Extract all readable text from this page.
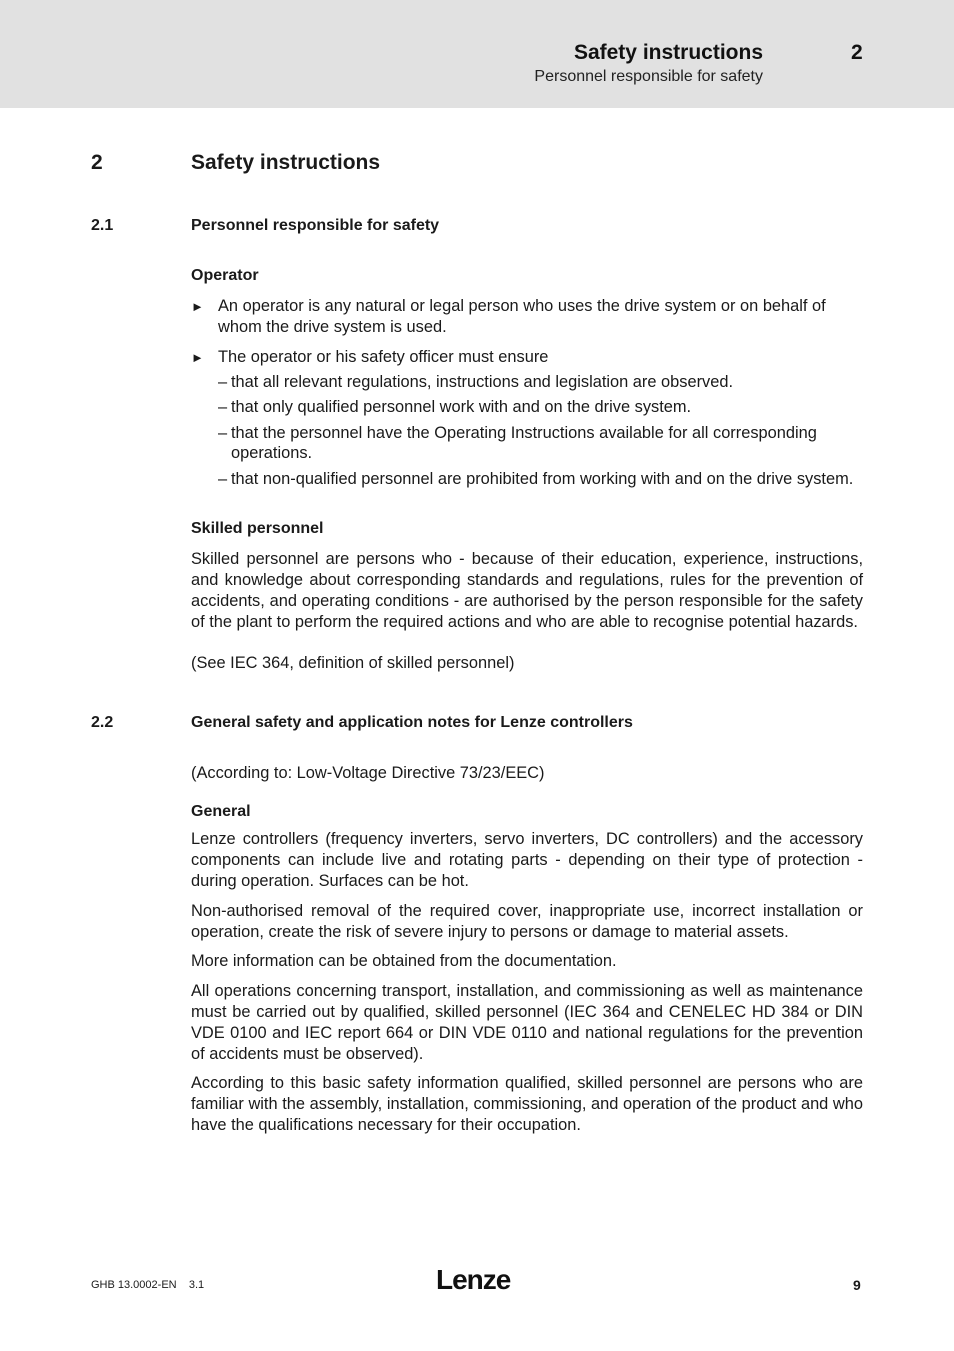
Safety instructions	2
Personnel responsible for safety
2	Safety instructions
2.1	Personnel responsible for safety
Operator
► An operator is any natural or legal person who uses the drive system or on behalf of whom the drive system is used.
► The operator or his safety officer must ensure
– that all relevant regulations, instructions and legislation are observed.
– that only qualified personnel work with and on the drive system.
– that the personnel have the Operating Instructions available for all corresponding operations.
– that non-qualified personnel are prohibited from working with and on the drive system.
Skilled personnel
Skilled personnel are persons who - because of their education, experience, instructions, and knowledge about corresponding standards and regulations, rules for the prevention of accidents, and operating conditions - are authorised by the person responsible for the safety of the plant to perform the required actions and who are able to recognise potential hazards.
(See IEC 364, definition of skilled personnel)
2.2	General safety and application notes for Lenze controllers
(According to: Low-Voltage Directive 73/23/EEC)
General
Lenze controllers (frequency inverters, servo inverters, DC controllers) and the accessory components can include live and rotating parts - depending on their type of protection - during operation. Surfaces can be hot.
Non-authorised removal of the required cover, inappropriate use, incorrect installation or operation, create the risk of severe injury to persons or damage to material assets.
More information can be obtained from the documentation.
All operations concerning transport, installation, and commissioning as well as maintenance must be carried out by qualified, skilled personnel (IEC 364 and CENELEC HD 384 or DIN VDE 0100 and IEC report 664 or DIN VDE 0110 and national regulations for the prevention of accidents must be observed).
According to this basic safety information qualified, skilled personnel are persons who are familiar with the assembly, installation, commissioning, and operation of the product and who have the qualifications necessary for their occupation.
GHB 13.0002-EN    3.1	Lenze	9
